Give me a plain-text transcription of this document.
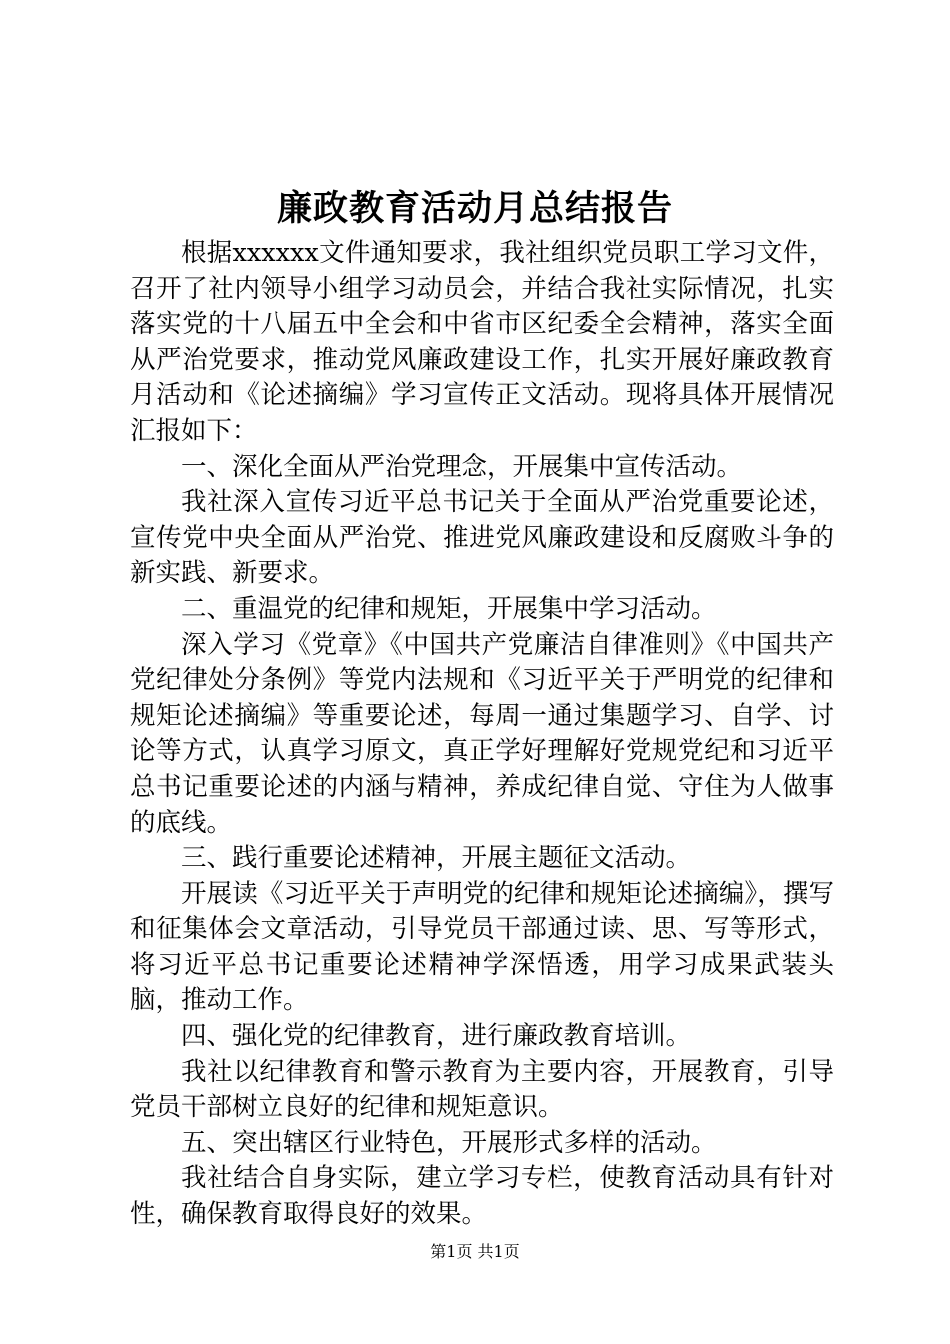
廉政教育活动月总结报告

根据xxxxxx文件通知要求，我社组织党员职工学习文件，召开了社内领导小组学习动员会，并结合我社实际情况，扎实落实党的十八届五中全会和中省市区纪委全会精神，落实全面从严治党要求，推动党风廉政建设工作，扎实开展好廉政教育月活动和《论述摘编》学习宣传正文活动。现将具体开展情况汇报如下：

一、深化全面从严治党理念，开展集中宣传活动。

我社深入宣传习近平总书记关于全面从严治党重要论述，宣传党中央全面从严治党、推进党风廉政建设和反腐败斗争的新实践、新要求。

二、重温党的纪律和规矩，开展集中学习活动。

深入学习《党章》《中国共产党廉洁自律准则》《中国共产党纪律处分条例》等党内法规和《习近平关于严明党的纪律和规矩论述摘编》等重要论述，每周一通过集题学习、自学、讨论等方式，认真学习原文，真正学好理解好党规党纪和习近平总书记重要论述的内涵与精神，养成纪律自觉、守住为人做事的底线。

三、践行重要论述精神，开展主题征文活动。

开展读《习近平关于声明党的纪律和规矩论述摘编》，撰写和征集体会文章活动，引导党员干部通过读、思、写等形式，将习近平总书记重要论述精神学深悟透，用学习成果武装头脑，推动工作。

四、强化党的纪律教育，进行廉政教育培训。

我社以纪律教育和警示教育为主要内容，开展教育，引导党员干部树立良好的纪律和规矩意识。

五、突出辖区行业特色，开展形式多样的活动。

我社结合自身实际，建立学习专栏，使教育活动具有针对性，确保教育取得良好的效果。

第1页 共1页
